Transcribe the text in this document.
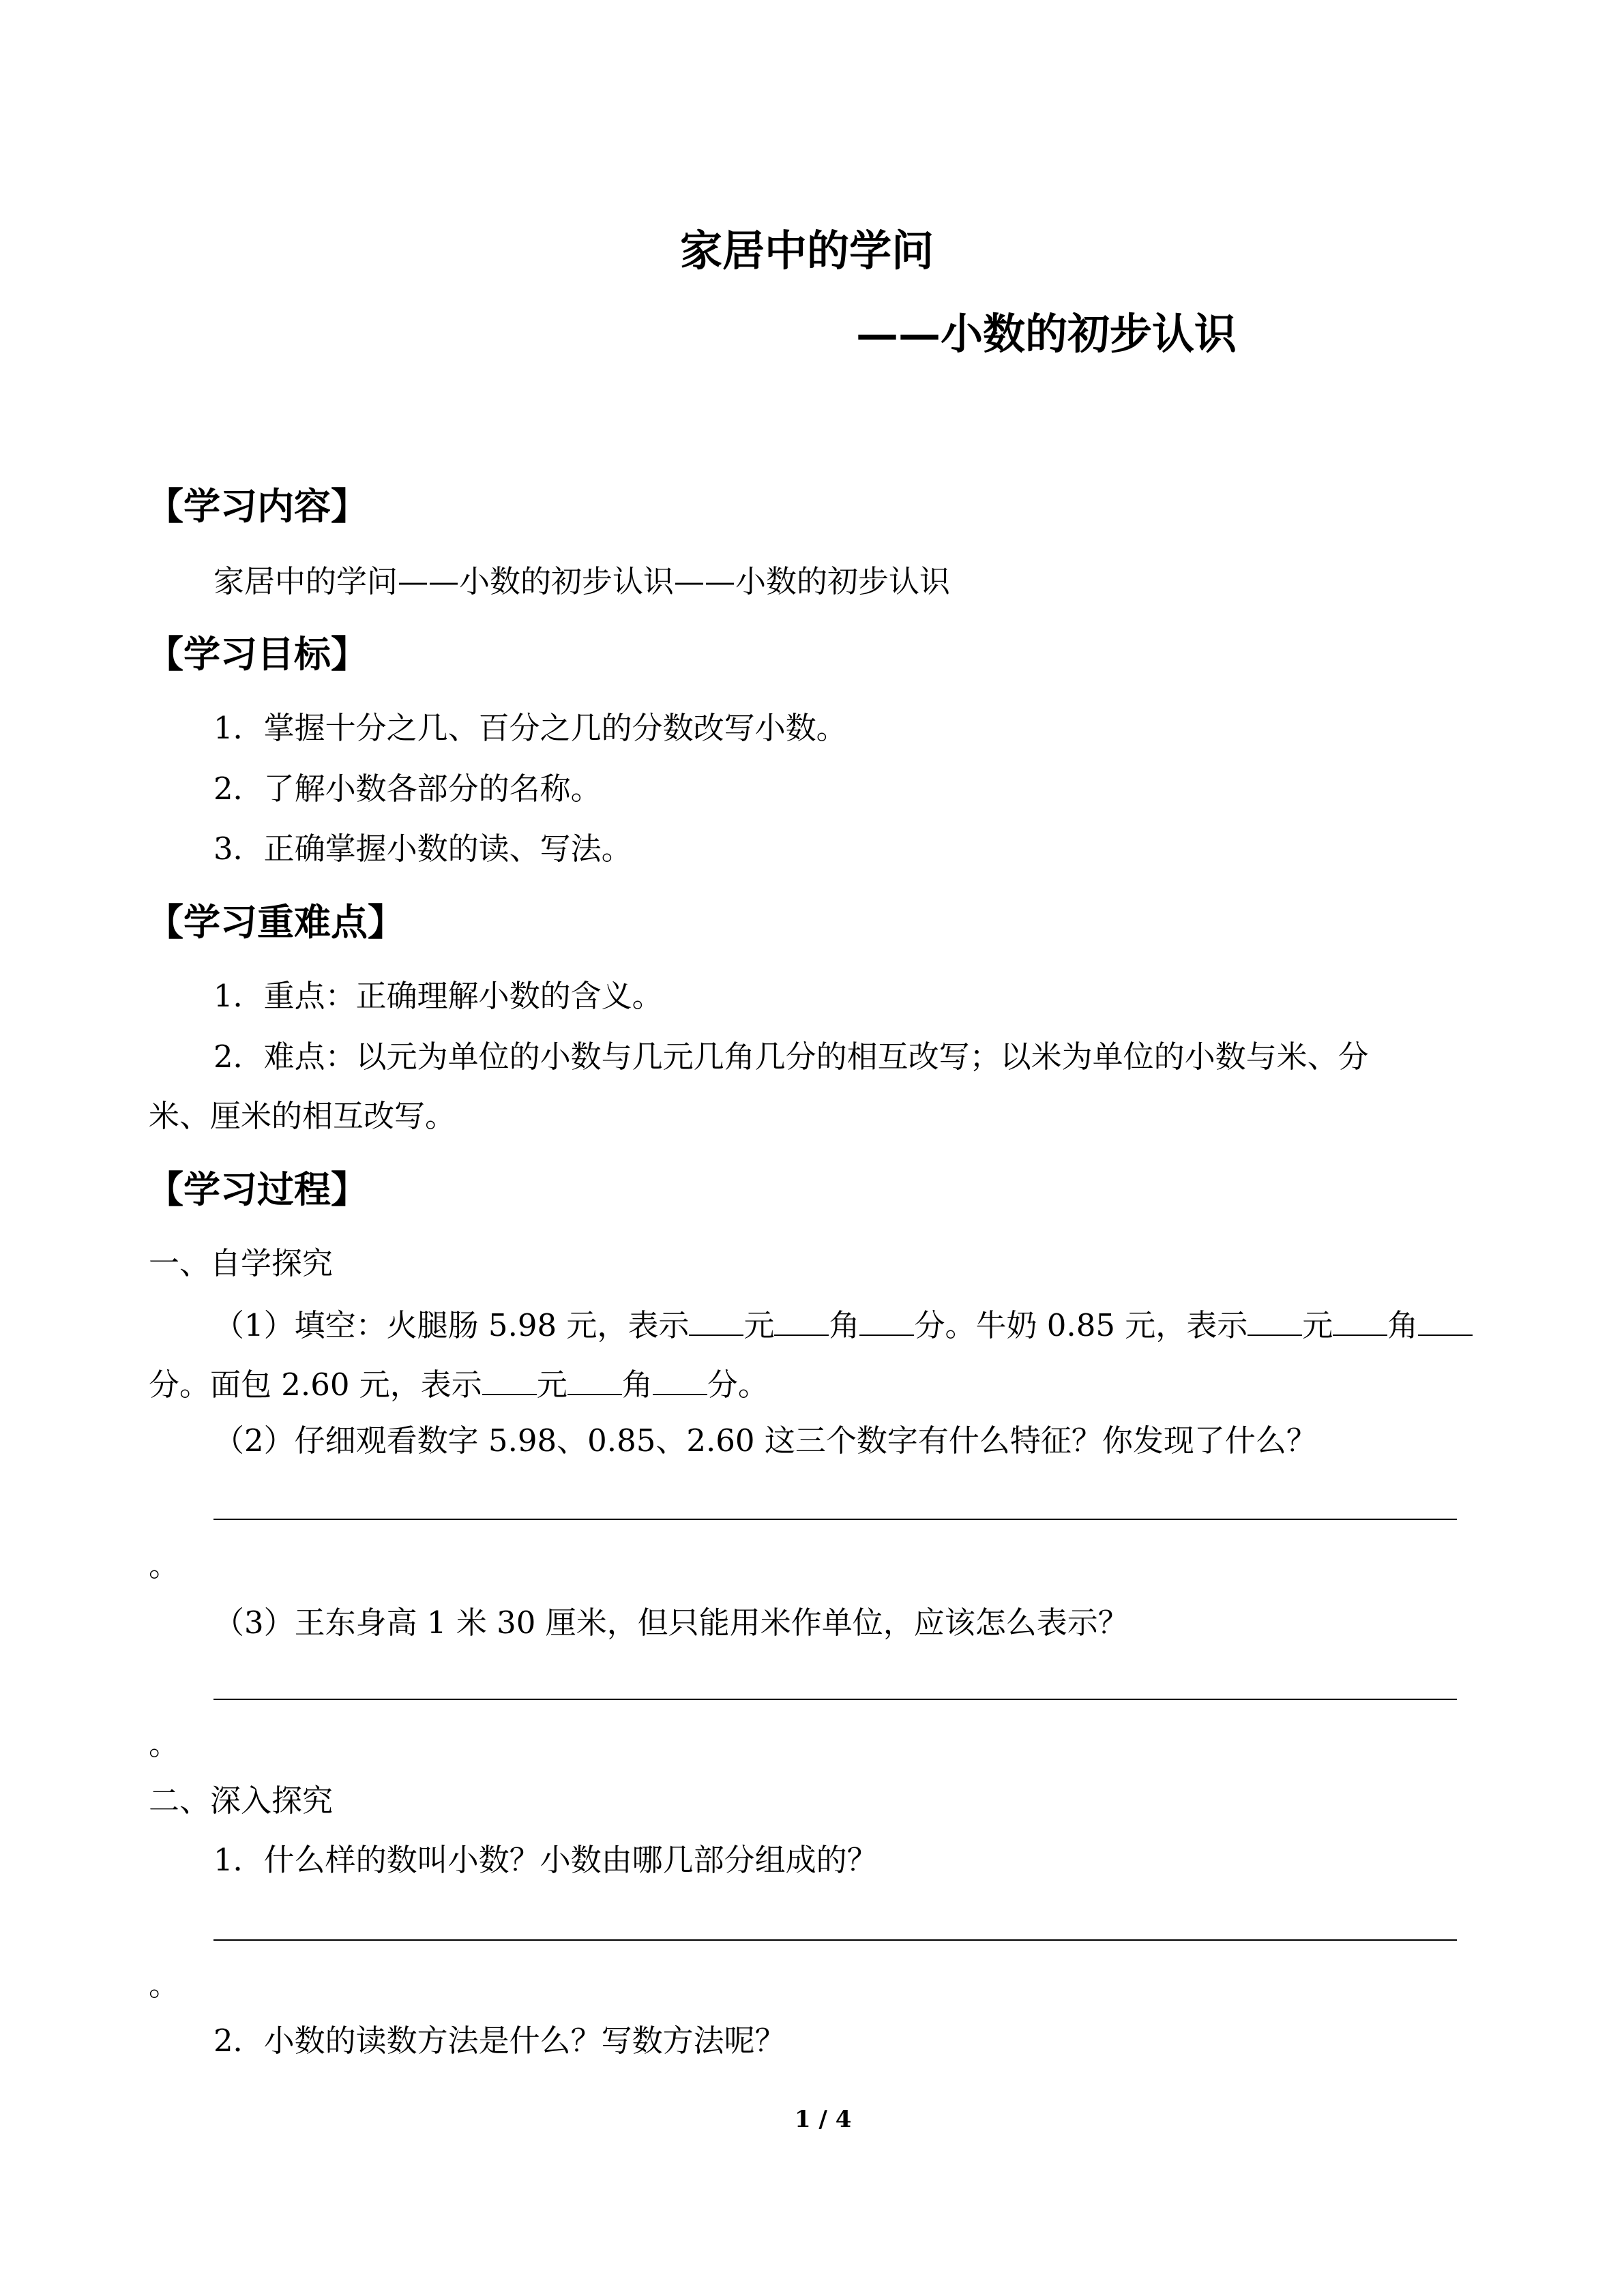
家居中的学问
——小数的初步认识
【学习内容】
家居中的学问——小数的初步认识——小数的初步认识
【学习目标】
1．掌握十分之几、百分之几的分数改写小数。
2．了解小数各部分的名称。
3．正确掌握小数的读、写法。
【学习重难点】
1．重点：正确理解小数的含义。
2．难点：以元为单位的小数与几元几角几分的相互改写；以米为单位的小数与米、分
米、厘米的相互改写。
【学习过程】
一、自学探究
（1）填空：火腿肠 5.98 元，表示 元 角 分。牛奶 0.85 元，表示 元 角
分。面包 2.60 元，表示 元 角 分。
（2）仔细观看数字 5.98、0.85、2.60 这三个数字有什么特征？你发现了什么？
。
（3）王东身高 1 米 30 厘米，但只能用米作单位，应该怎么表示？
。
二、深入探究
1．什么样的数叫小数？小数由哪几部分组成的？
。
2．小数的读数方法是什么？写数方法呢？
1 / 4
